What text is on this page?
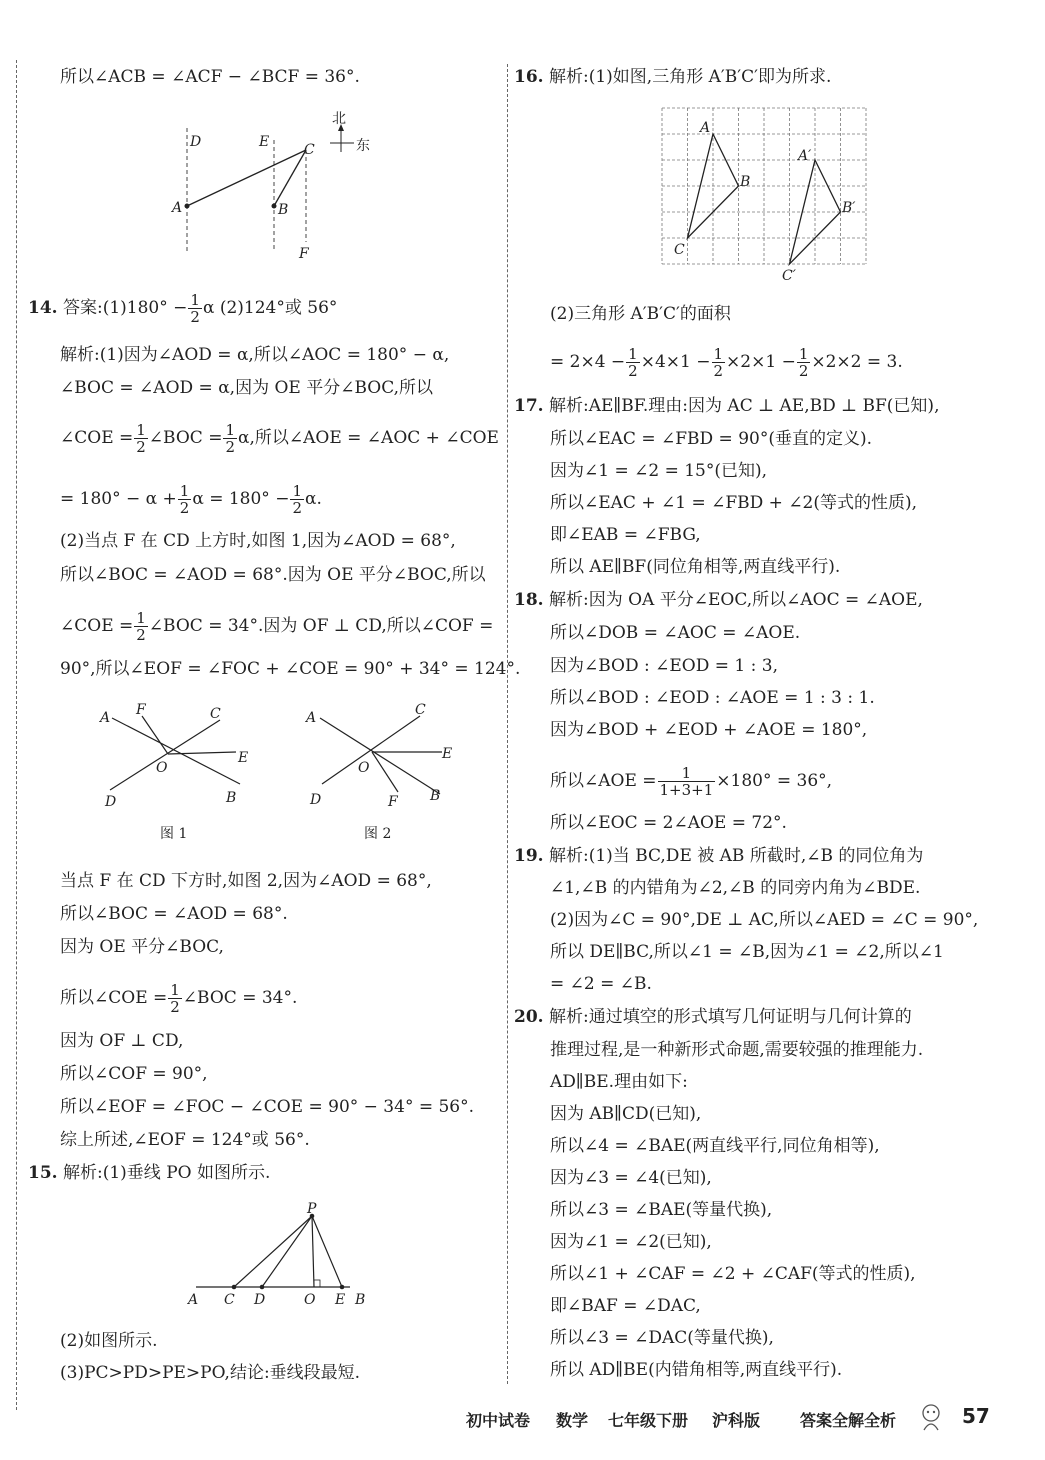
所以∠ACB = ∠ACF − ∠BCF = 36°.
D	E C
A	B
F
北
东
14. 答案:(1)180° − $\frac{1}{2}$ α (2)124°或 56°
解析:(1)因为∠AOD = α,所以∠AOC = 180° − α,
∠BOC = ∠AOD = α,因为 OE 平分∠BOC,所以
∠COE = $\frac{1}{2}$ ∠BOC = $\frac{1}{2} \alpha$,所以∠AOE = ∠AOC + ∠COE
= $180^\circ - \alpha + \frac{1}{2}$ $\alpha = 180^\circ - \frac{1}{2} \alpha$.
(2)当点 F 在 CD 上方时,如图 1,因为∠AOD = 68°,
所以∠BOC = ∠AOD = 68°.因为 OE 平分∠BOC,所以
∠COE = $\frac{1}{2}$ ∠BOC = 34°.因为 OF ⊥ CD,所以∠COF =
90°,所以∠EOF = ∠FOC + ∠COE = 90° + 34° = 124°.
A F	C
E
O
D	B
图 1
A	C
E
O
D	F B
图 2
当点 F 在 CD 下方时,如图 2,因为∠AOD = 68°,
所以∠BOC = ∠AOD = 68°.
因为 OE 平分∠BOC,
所以∠COE = $\frac{1}{2}$ ∠BOC = 34°.
因为 OF ⊥ CD,
所以∠COF = 90°,
所以∠EOF = ∠FOC − ∠COE = 90° − 34° = 56°.
综上所述,∠EOF = 124°或 56°.
15. 解析:(1)垂线 PO 如图所示.
P
A C D	O E B
(2)如图所示.
(3)PC>PD>PE>PO,结论:垂线段最短.
16. 解析:(1)如图,三角形 A′B′C′即为所求.
A
B
C
A′
B′
C′
(2)三角形 A′B′C′的面积
= $2\times 4 - \frac{1}{2} \times 4\times 1 - \frac{1}{2} \times 2\times 1 - \frac{1}{2} \times 2\times 2 = 3$.
17. 解析:AE∥BF.理由:因为 AC ⊥ AE,BD ⊥ BF(已知),
所以∠EAC = ∠FBD = 90°(垂直的定义).
因为∠1 = ∠2 = 15°(已知),
所以∠EAC + ∠1 = ∠FBD + ∠2(等式的性质),
即∠EAB = ∠FBG,
所以 AE∥BF(同位角相等,两直线平行).
18. 解析:因为 OA 平分∠EOC,所以∠AOC = ∠AOE,
所以∠DOB = ∠AOC = ∠AOE.
因为∠BOD : ∠EOD = 1 : 3,
所以∠BOD : ∠EOD : ∠AOE = 1 : 3 : 1.
因为∠BOD + ∠EOD + ∠AOE = 180°,
所以∠AOE = $\frac{1}{1+3+1} \times 180^\circ = 36^\circ$,
所以∠EOC = 2∠AOE = 72°.
19. 解析:(1)当 BC,DE 被 AB 所截时,∠B 的同位角为
∠1,∠B 的内错角为∠2,∠B 的同旁内角为∠BDE.
(2)因为∠C = 90°,DE ⊥ AC,所以∠AED = ∠C = 90°,
所以 DE∥BC,所以∠1 = ∠B,因为∠1 = ∠2,所以∠1
= ∠2 = ∠B.
20. 解析:通过填空的形式填写几何证明与几何计算的
推理过程,是一种新形式命题,需要较强的推理能力.
AD∥BE.理由如下:
因为 AB∥CD(已知),
所以∠4 = ∠BAE(两直线平行,同位角相等),
因为∠3 = ∠4(已知),
所以∠3 = ∠BAE(等量代换),
因为∠1 = ∠2(已知),
所以∠1 + ∠CAF = ∠2 + ∠CAF(等式的性质),
即∠BAF = ∠DAC,
所以∠3 = ∠DAC(等量代换),
所以 AD∥BE(内错角相等,两直线平行).
初中试卷 数学 七年级下册 沪科版 答案全解全析	57
